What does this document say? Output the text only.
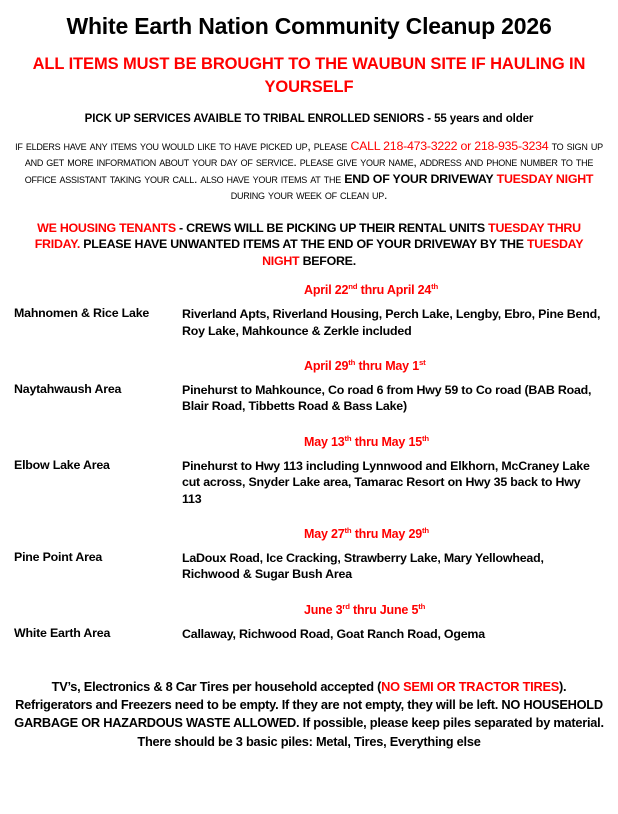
White Earth Nation Community Cleanup 2026
ALL ITEMS MUST BE BROUGHT TO THE WAUBUN SITE IF HAULING IN YOURSELF
PICK UP SERVICES AVAIBLE TO TRIBAL ENROLLED SENIORS - 55 years and older
if elders have any items you would like to have picked up, please CALL 218-473-3222 or 218-935-3234 to sign up and get more information about your day of service. please give your name, address and phone number to the office assistant taking your call. also have your items at the END OF YOUR DRIVEWAY TUESDAY NIGHT during your week of clean up.
WE HOUSING TENANTS - CREWS WILL BE PICKING UP THEIR RENTAL UNITS TUESDAY THRU FRIDAY. PLEASE HAVE UNWANTED ITEMS AT THE END OF YOUR DRIVEWAY BY THE TUESDAY NIGHT BEFORE.
April 22nd thru April 24th
Mahnomen & Rice Lake	Riverland Apts, Riverland Housing, Perch Lake, Lengby, Ebro, Pine Bend, Roy Lake, Mahkounce & Zerkle included
April 29th thru May 1st
Naytahwaush Area	Pinehurst to Mahkounce, Co road 6 from Hwy 59 to Co road (BAB Road, Blair Road, Tibbetts Road & Bass Lake)
May 13th thru May 15th
Elbow Lake Area	Pinehurst to Hwy 113 including Lynnwood and Elkhorn, McCraney Lake cut across, Snyder Lake area, Tamarac Resort on Hwy 35 back to Hwy 113
May 27th thru May 29th
Pine Point Area	LaDoux Road, Ice Cracking, Strawberry Lake, Mary Yellowhead, Richwood & Sugar Bush Area
June 3rd thru June 5th
White Earth Area	Callaway, Richwood Road, Goat Ranch Road, Ogema
TV’s, Electronics & 8 Car Tires per household accepted (NO SEMI OR TRACTOR TIRES). Refrigerators and Freezers need to be empty. If they are not empty, they will be left. NO HOUSEHOLD GARBAGE OR HAZARDOUS WASTE ALLOWED. If possible, please keep piles separated by material. There should be 3 basic piles: Metal, Tires, Everything else
